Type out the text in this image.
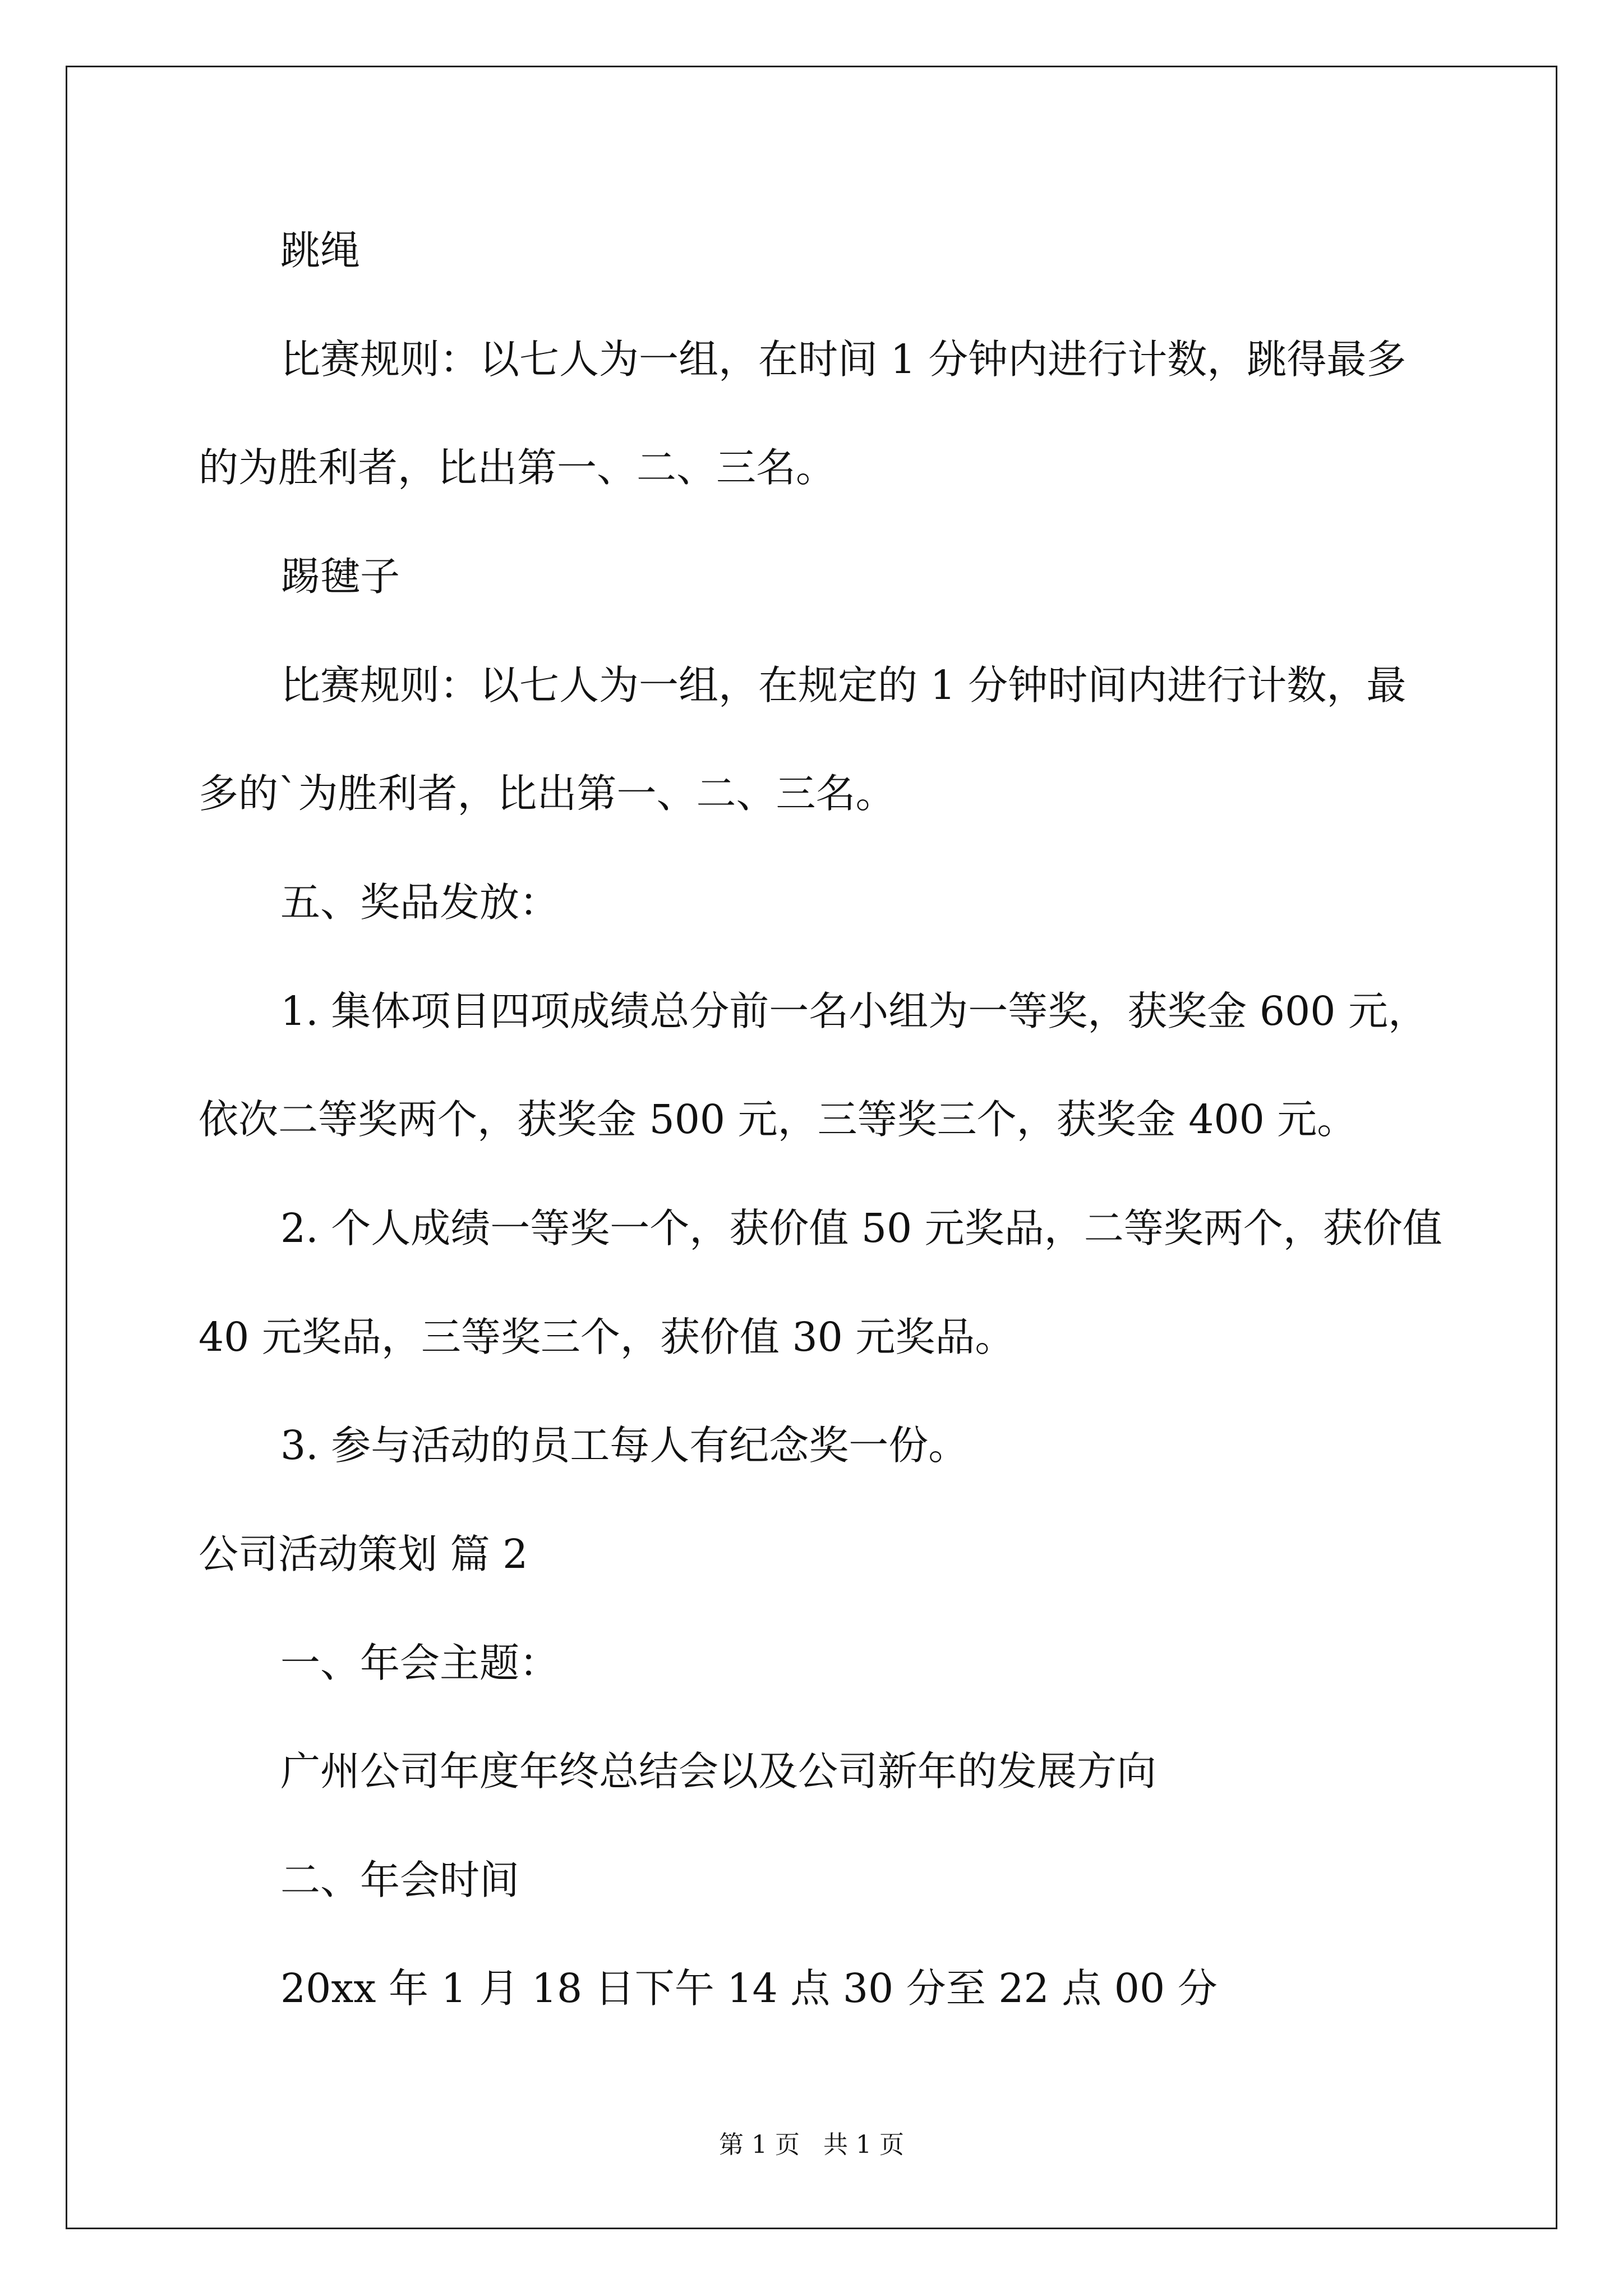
跳绳
比赛规则：以七人为一组，在时间 1 分钟内进行计数，跳得最多
的为胜利者，比出第一、二、三名。
踢毽子
比赛规则：以七人为一组，在规定的 1 分钟时间内进行计数，最
多的`为胜利者，比出第一、二、三名。
五、奖品发放：
1. 集体项目四项成绩总分前一名小组为一等奖，获奖金 600 元，
依次二等奖两个，获奖金 500 元，三等奖三个，获奖金 400 元。
2. 个人成绩一等奖一个，获价值 50 元奖品，二等奖两个，获价值
40 元奖品，三等奖三个，获价值 30 元奖品。
3. 参与活动的员工每人有纪念奖一份。
公司活动策划 篇 2
一、年会主题：
广州公司年度年终总结会以及公司新年的发展方向
二、年会时间
20xx 年 1 月 18 日下午 14 点 30 分至 22 点 00 分
第 1 页   共 1 页
